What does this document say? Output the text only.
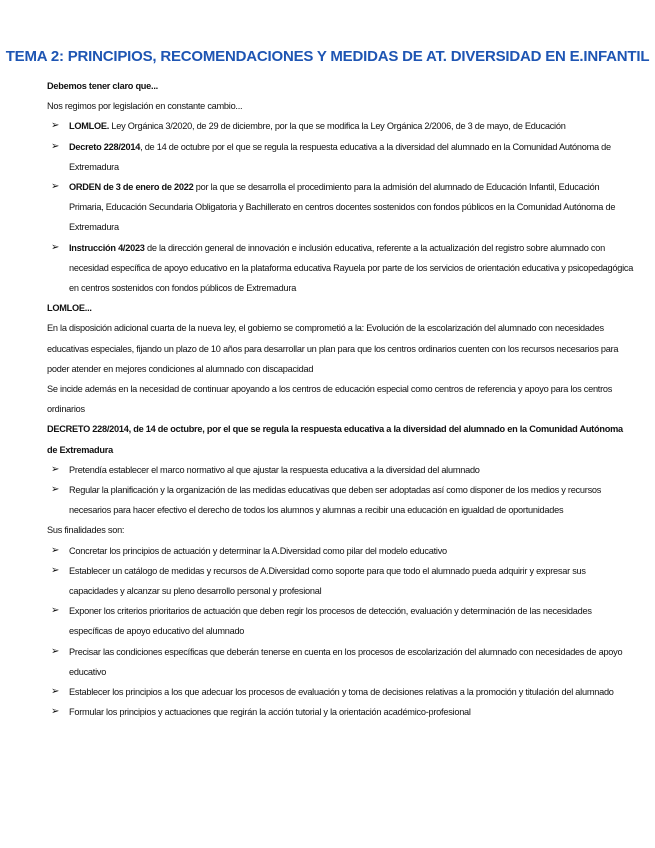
TEMA 2: PRINCIPIOS, RECOMENDACIONES Y MEDIDAS DE AT. DIVERSIDAD EN E.INFANTIL

Debemos tener claro que...

Nos regimos por legislación en constante cambio...

➢ LOMLOE. Ley Orgánica 3/2020, de 29 de diciembre, por la que se modifica la Ley Orgánica 2/2006, de 3 de mayo, de Educación

➢ Decreto 228/2014, de 14 de octubre por el que se regula la respuesta educativa a la diversidad del alumnado en la Comunidad Autónoma de Extremadura

➢ ORDEN de 3 de enero de 2022 por la que se desarrolla el procedimiento para la admisión del alumnado de Educación Infantil, Educación Primaria, Educación Secundaria Obligatoria y Bachillerato en centros docentes sostenidos con fondos públicos en la Comunidad Autónoma de Extremadura

➢ Instrucción 4/2023 de la dirección general de innovación e inclusión educativa, referente a la actualización del registro sobre alumnado con necesidad específica de apoyo educativo en la plataforma educativa Rayuela por parte de los servicios de orientación educativa y psicopedagógica en centros sostenidos con fondos públicos de Extremadura

LOMLOE...

En la disposición adicional cuarta de la nueva ley, el gobierno se comprometió a la: Evolución de la escolarización del alumnado con necesidades educativas especiales, fijando un plazo de 10 años para desarrollar un plan para que los centros ordinarios cuenten con los recursos necesarios para poder atender en mejores condiciones al alumnado con discapacidad

Se incide además en la necesidad de continuar apoyando a los centros de educación especial como centros de referencia y apoyo para los centros ordinarios

DECRETO 228/2014, de 14 de octubre, por el que se regula la respuesta educativa a la diversidad del alumnado en la Comunidad Autónoma de Extremadura

➢ Pretendía establecer el marco normativo al que ajustar la respuesta educativa a la diversidad del alumnado

➢ Regular la planificación y la organización de las medidas educativas que deben ser adoptadas así como disponer de los medios y recursos necesarios para hacer efectivo el derecho de todos los alumnos y alumnas a recibir una educación en igualdad de oportunidades

Sus finalidades son:

➢ Concretar los principios de actuación y determinar la A.Diversidad como pilar del modelo educativo

➢ Establecer un catálogo de medidas y recursos de A.Diversidad como soporte para que todo el alumnado pueda adquirir y expresar sus capacidades y alcanzar su pleno desarrollo personal y profesional

➢ Exponer los criterios prioritarios de actuación que deben regir los procesos de detección, evaluación y determinación de las necesidades específicas de apoyo educativo del alumnado

➢ Precisar las condiciones específicas que deberán tenerse en cuenta en los procesos de escolarización del alumnado con necesidades de apoyo educativo

➢ Establecer los principios a los que adecuar los procesos de evaluación y toma de decisiones relativas a la promoción y titulación del alumnado

➢ Formular los principios y actuaciones que regirán la acción tutorial y la orientación académico-profesional
